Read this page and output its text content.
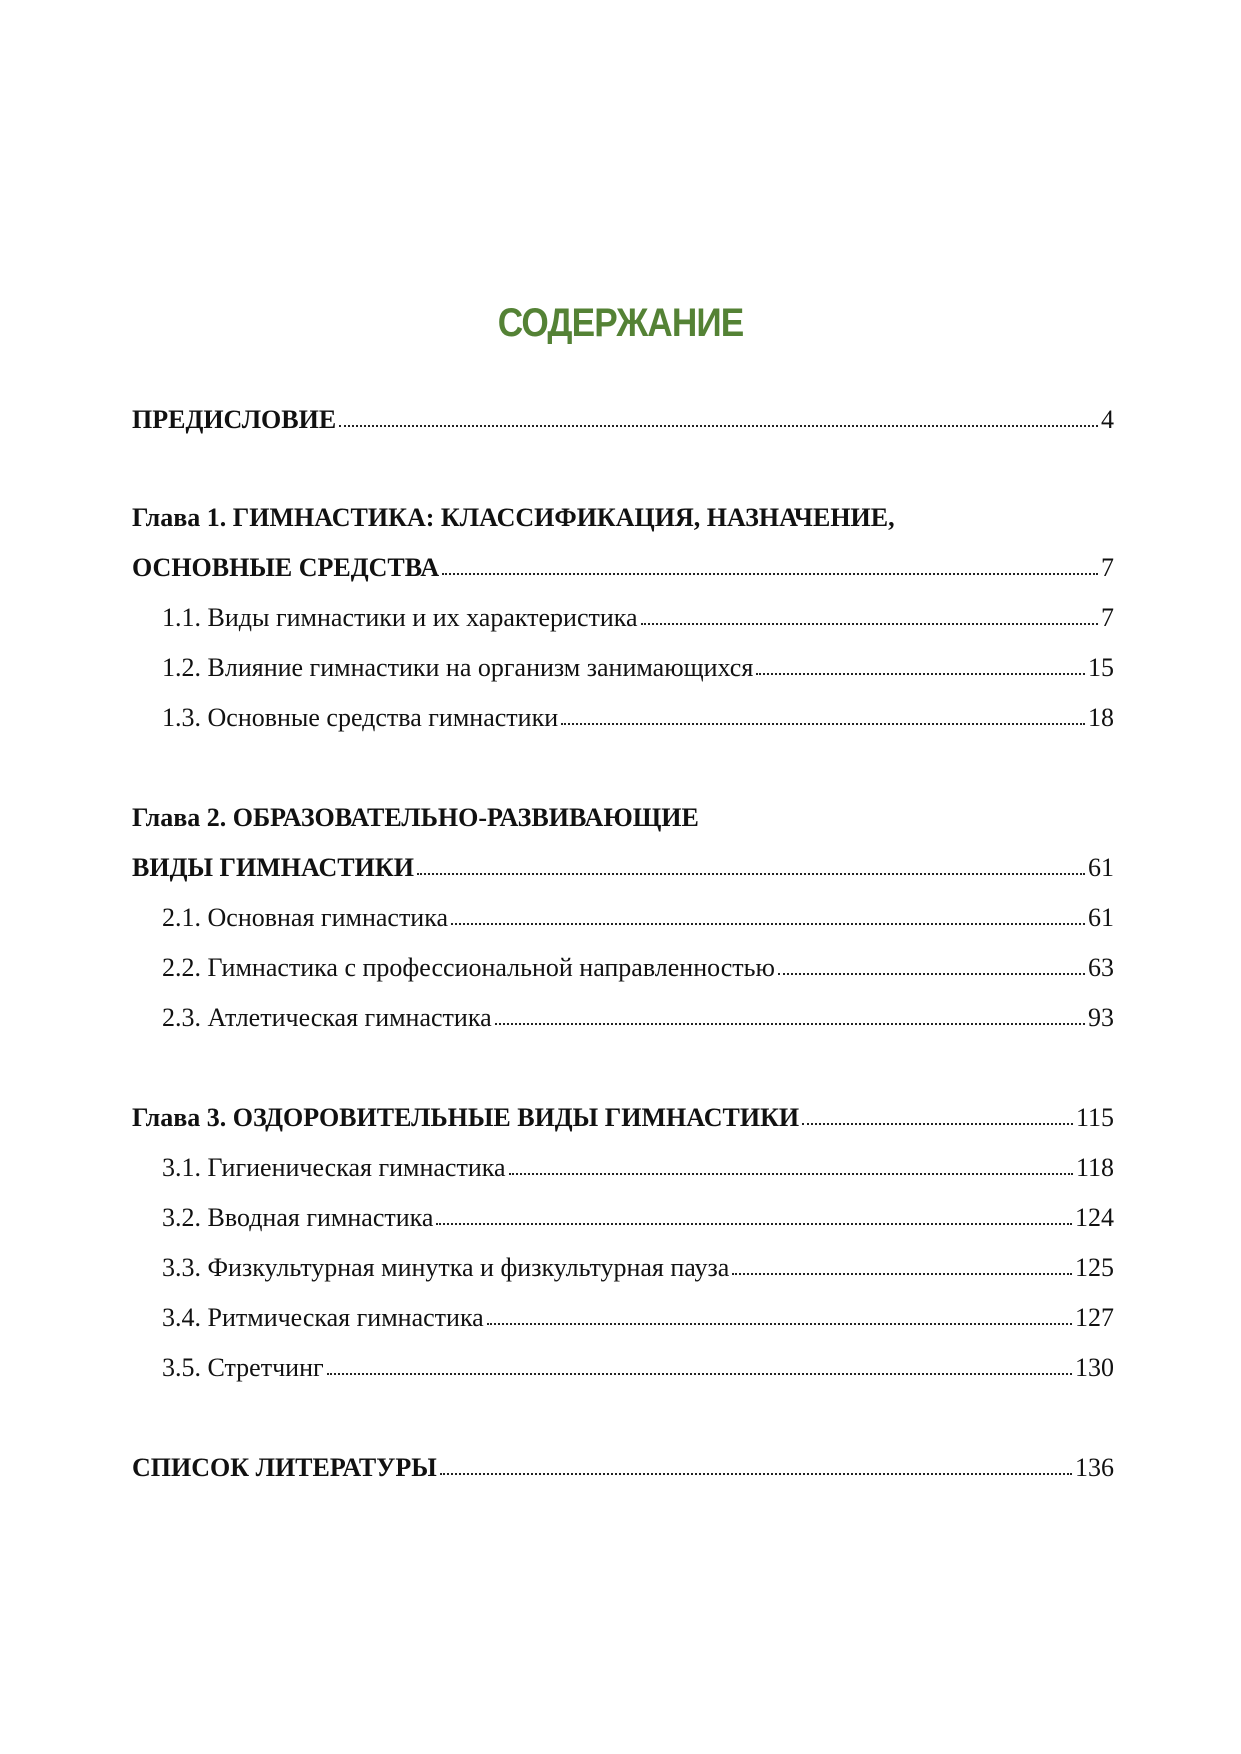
СОДЕРЖАНИЕ
ПРЕДИСЛОВИЕ	4
Глава 1. ГИМНАСТИКА: КЛАССИФИКАЦИЯ, НАЗНАЧЕНИЕ,
ОСНОВНЫЕ СРЕДСТВА	7
1.1. Виды гимнастики и их характеристика	7
1.2. Влияние гимнастики на организм занимающихся	15
1.3. Основные средства гимнастики	18
Глава 2. ОБРАЗОВАТЕЛЬНО-РАЗВИВАЮЩИЕ
ВИДЫ ГИМНАСТИКИ	61
2.1. Основная гимнастика	61
2.2. Гимнастика с профессиональной направленностью	63
2.3. Атлетическая гимнастика	93
Глава 3. ОЗДОРОВИТЕЛЬНЫЕ ВИДЫ ГИМНАСТИКИ	115
3.1. Гигиеническая гимнастика	118
3.2. Вводная гимнастика	124
3.3. Физкультурная минутка и физкультурная пауза	125
3.4. Ритмическая гимнастика	127
3.5. Стретчинг	130
СПИСОК ЛИТЕРАТУРЫ	136
